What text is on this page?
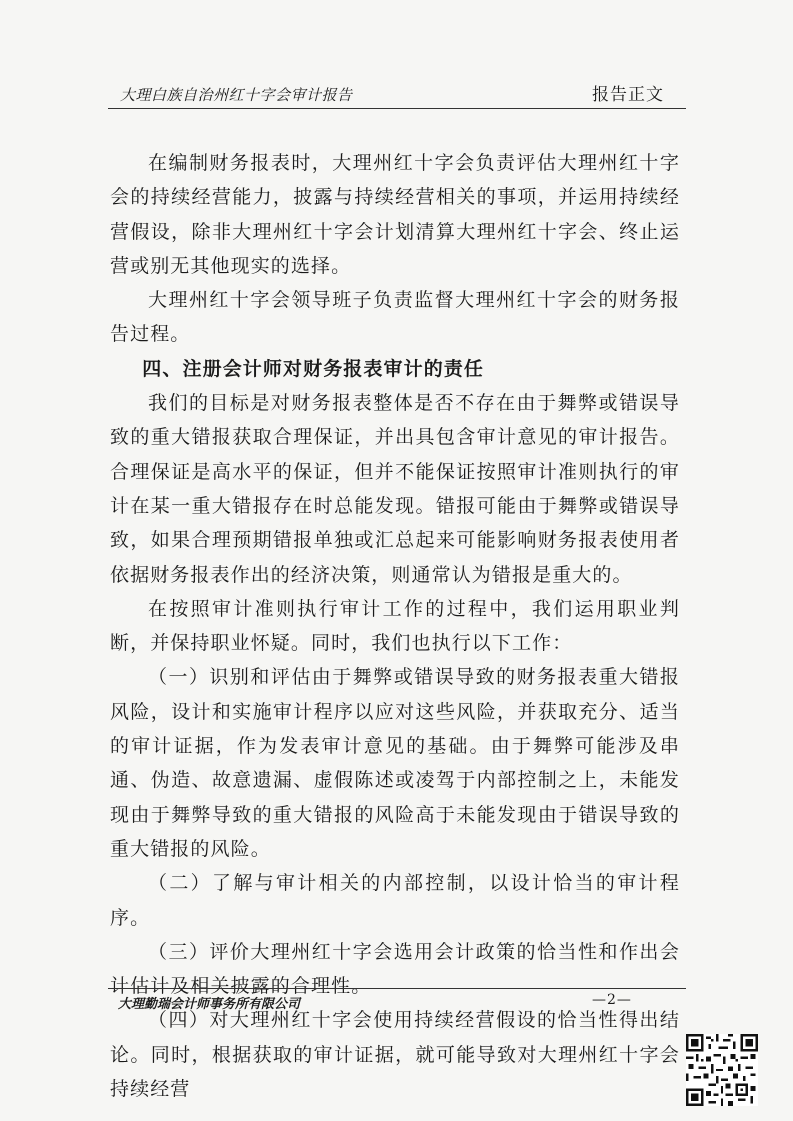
大理白族自治州红十字会审计报告	报告正文

在编制财务报表时，大理州红十字会负责评估大理州红十字会的持续经营能力，披露与持续经营相关的事项，并运用持续经营假设，除非大理州红十字会计划清算大理州红十字会、终止运营或别无其他现实的选择。

大理州红十字会领导班子负责监督大理州红十字会的财务报告过程。

四、注册会计师对财务报表审计的责任

我们的目标是对财务报表整体是否不存在由于舞弊或错误导致的重大错报获取合理保证，并出具包含审计意见的审计报告。合理保证是高水平的保证，但并不能保证按照审计准则执行的审计在某一重大错报存在时总能发现。错报可能由于舞弊或错误导致，如果合理预期错报单独或汇总起来可能影响财务报表使用者依据财务报表作出的经济决策，则通常认为错报是重大的。

在按照审计准则执行审计工作的过程中，我们运用职业判断，并保持职业怀疑。同时，我们也执行以下工作：

（一）识别和评估由于舞弊或错误导致的财务报表重大错报风险，设计和实施审计程序以应对这些风险，并获取充分、适当的审计证据，作为发表审计意见的基础。由于舞弊可能涉及串通、伪造、故意遗漏、虚假陈述或凌驾于内部控制之上，未能发现由于舞弊导致的重大错报的风险高于未能发现由于错误导致的重大错报的风险。

（二）了解与审计相关的内部控制，以设计恰当的审计程序。

（三）评价大理州红十字会选用会计政策的恰当性和作出会计估计及相关披露的合理性。

（四）对大理州红十字会使用持续经营假设的恰当性得出结论。同时，根据获取的审计证据，就可能导致对大理州红十字会持续经营

大理勤瑞会计师事务所有限公司	—2—
